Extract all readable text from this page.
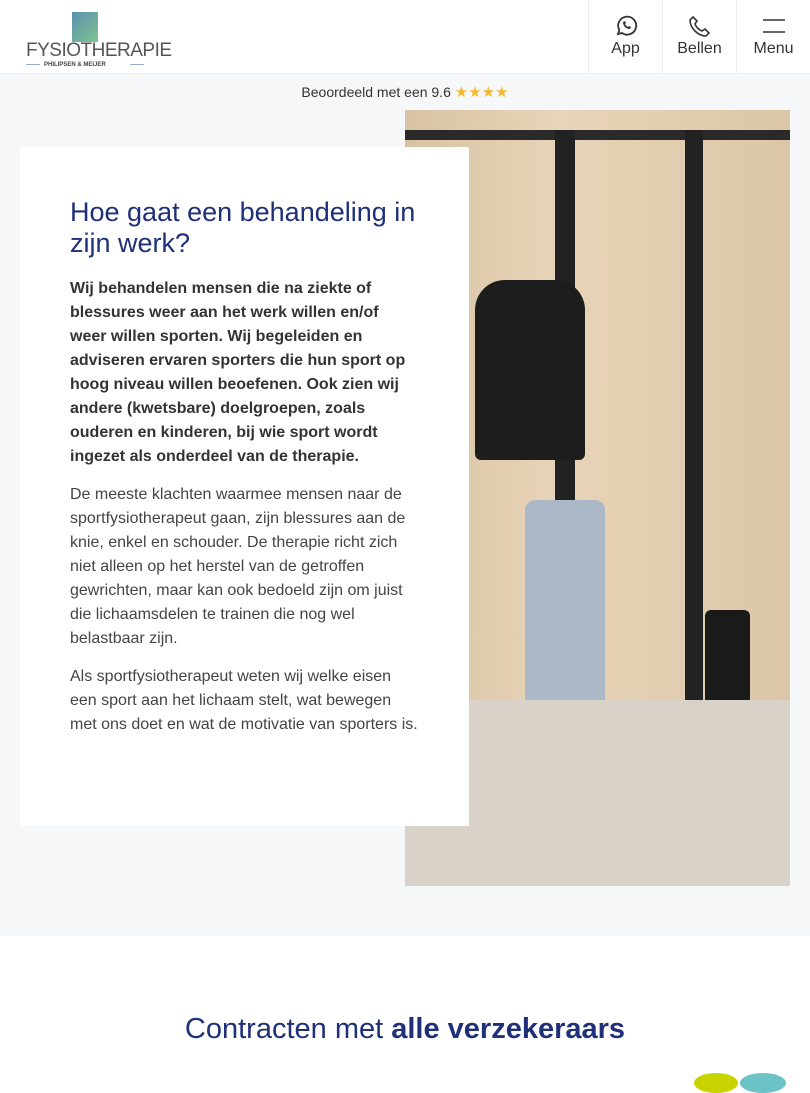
FYSIOTHERAPIE
PHILIPSEN & MEIJER
App	Bellen	Menu
Beoordeeld met een 9.6 ★★★★
Hoe gaat een behandeling in zijn werk?

Wij behandelen mensen die na ziekte of blessures weer aan het werk willen en/of weer willen sporten. Wij begeleiden en adviseren ervaren sporters die hun sport op hoog niveau willen beoefenen. Ook zien wij andere (kwetsbare) doelgroepen, zoals ouderen en kinderen, bij wie sport wordt ingezet als onderdeel van de therapie.

De meeste klachten waarmee mensen naar de sportfysiotherapeut gaan, zijn blessures aan de knie, enkel en schouder. De therapie richt zich niet alleen op het herstel van de getroffen gewrichten, maar kan ook bedoeld zijn om juist die lichaamsdelen te trainen die nog wel belastbaar zijn.

Als sportfysiotherapeut weten wij welke eisen een sport aan het lichaam stelt, wat bewegen met ons doet en wat de motivatie van sporters is.

Contracten met alle verzekeraars
